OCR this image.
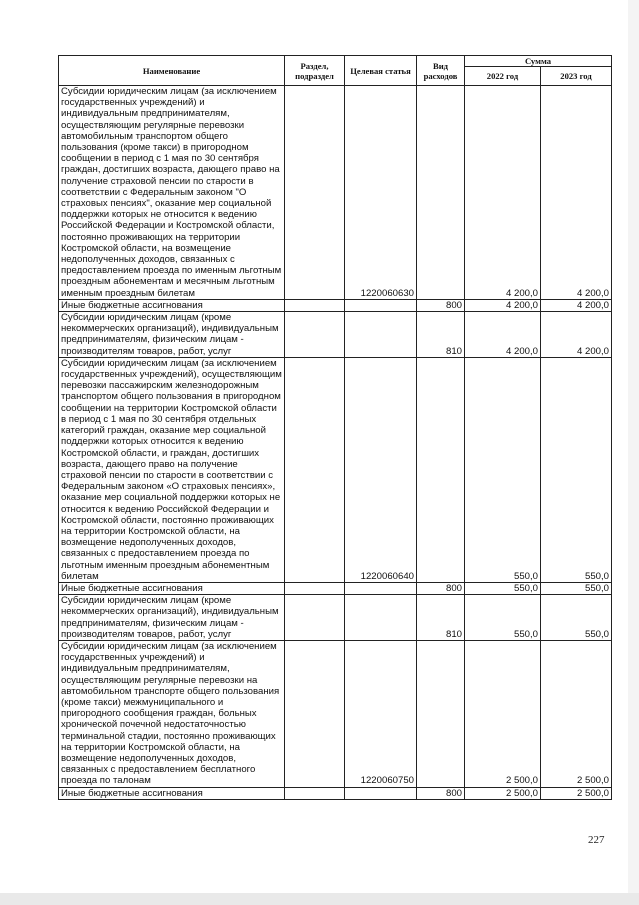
Наименование	Раздел, подраздел	Целевая статья	Вид расходов	Сумма	
				2022 год	2023 год
Субсидии юридическим лицам (за исключением государственных учреждений) и индивидуальным предпринимателям, осуществляющим регулярные перевозки автомобильным транспортом общего пользования (кроме такси) в пригородном сообщении в период с 1 мая по 30 сентября граждан, достигших возраста, дающего право на получение страховой пенсии по старости в соответствии с Федеральным законом "О страховых пенсиях", оказание мер социальной поддержки которых не относится к ведению Российской Федерации и Костромской области, постоянно проживающих на территории Костромской области, на возмещение недополученных доходов, связанных с предоставлением проезда по именным льготным проездным абонементам и месячным льготным именным проездным билетам		1220060630		4 200,0	4 200,0
Иные бюджетные ассигнования			800	4 200,0	4 200,0
Субсидии юридическим лицам (кроме некоммерческих организаций), индивидуальным предпринимателям, физическим лицам - производителям товаров, работ, услуг			810	4 200,0	4 200,0
Субсидии юридическим лицам (за исключением государственных учреждений), осуществляющим перевозки пассажирским железнодорожным транспортом общего пользования в пригородном сообщении на территории Костромской области в период с 1 мая по 30 сентября отдельных категорий граждан, оказание мер социальной поддержки которых относится к ведению Костромской области, и граждан, достигших возраста, дающего право на получение страховой пенсии по старости в соответствии с Федеральным законом «О страховых пенсиях», оказание мер социальной поддержки которых не относится к ведению Российской Федерации и Костромской области, постоянно проживающих на территории Костромской области, на возмещение недополученных доходов, связанных с предоставлением проезда по льготным именным проездным абонементным билетам		1220060640		550,0	550,0
Иные бюджетные ассигнования			800	550,0	550,0
Субсидии юридическим лицам (кроме некоммерческих организаций), индивидуальным предпринимателям, физическим лицам - производителям товаров, работ, услуг			810	550,0	550,0
Субсидии юридическим лицам (за исключением государственных учреждений) и индивидуальным предпринимателям, осуществляющим регулярные перевозки на автомобильном транспорте общего пользования (кроме такси) межмуниципального и пригородного сообщения граждан, больных хронической почечной недостаточностью терминальной стадии, постоянно проживающих на территории Костромской области, на возмещение недополученных доходов, связанных с предоставлением бесплатного проезда по талонам		1220060750		2 500,0	2 500,0
Иные бюджетные ассигнования			800	2 500,0	2 500,0
227
